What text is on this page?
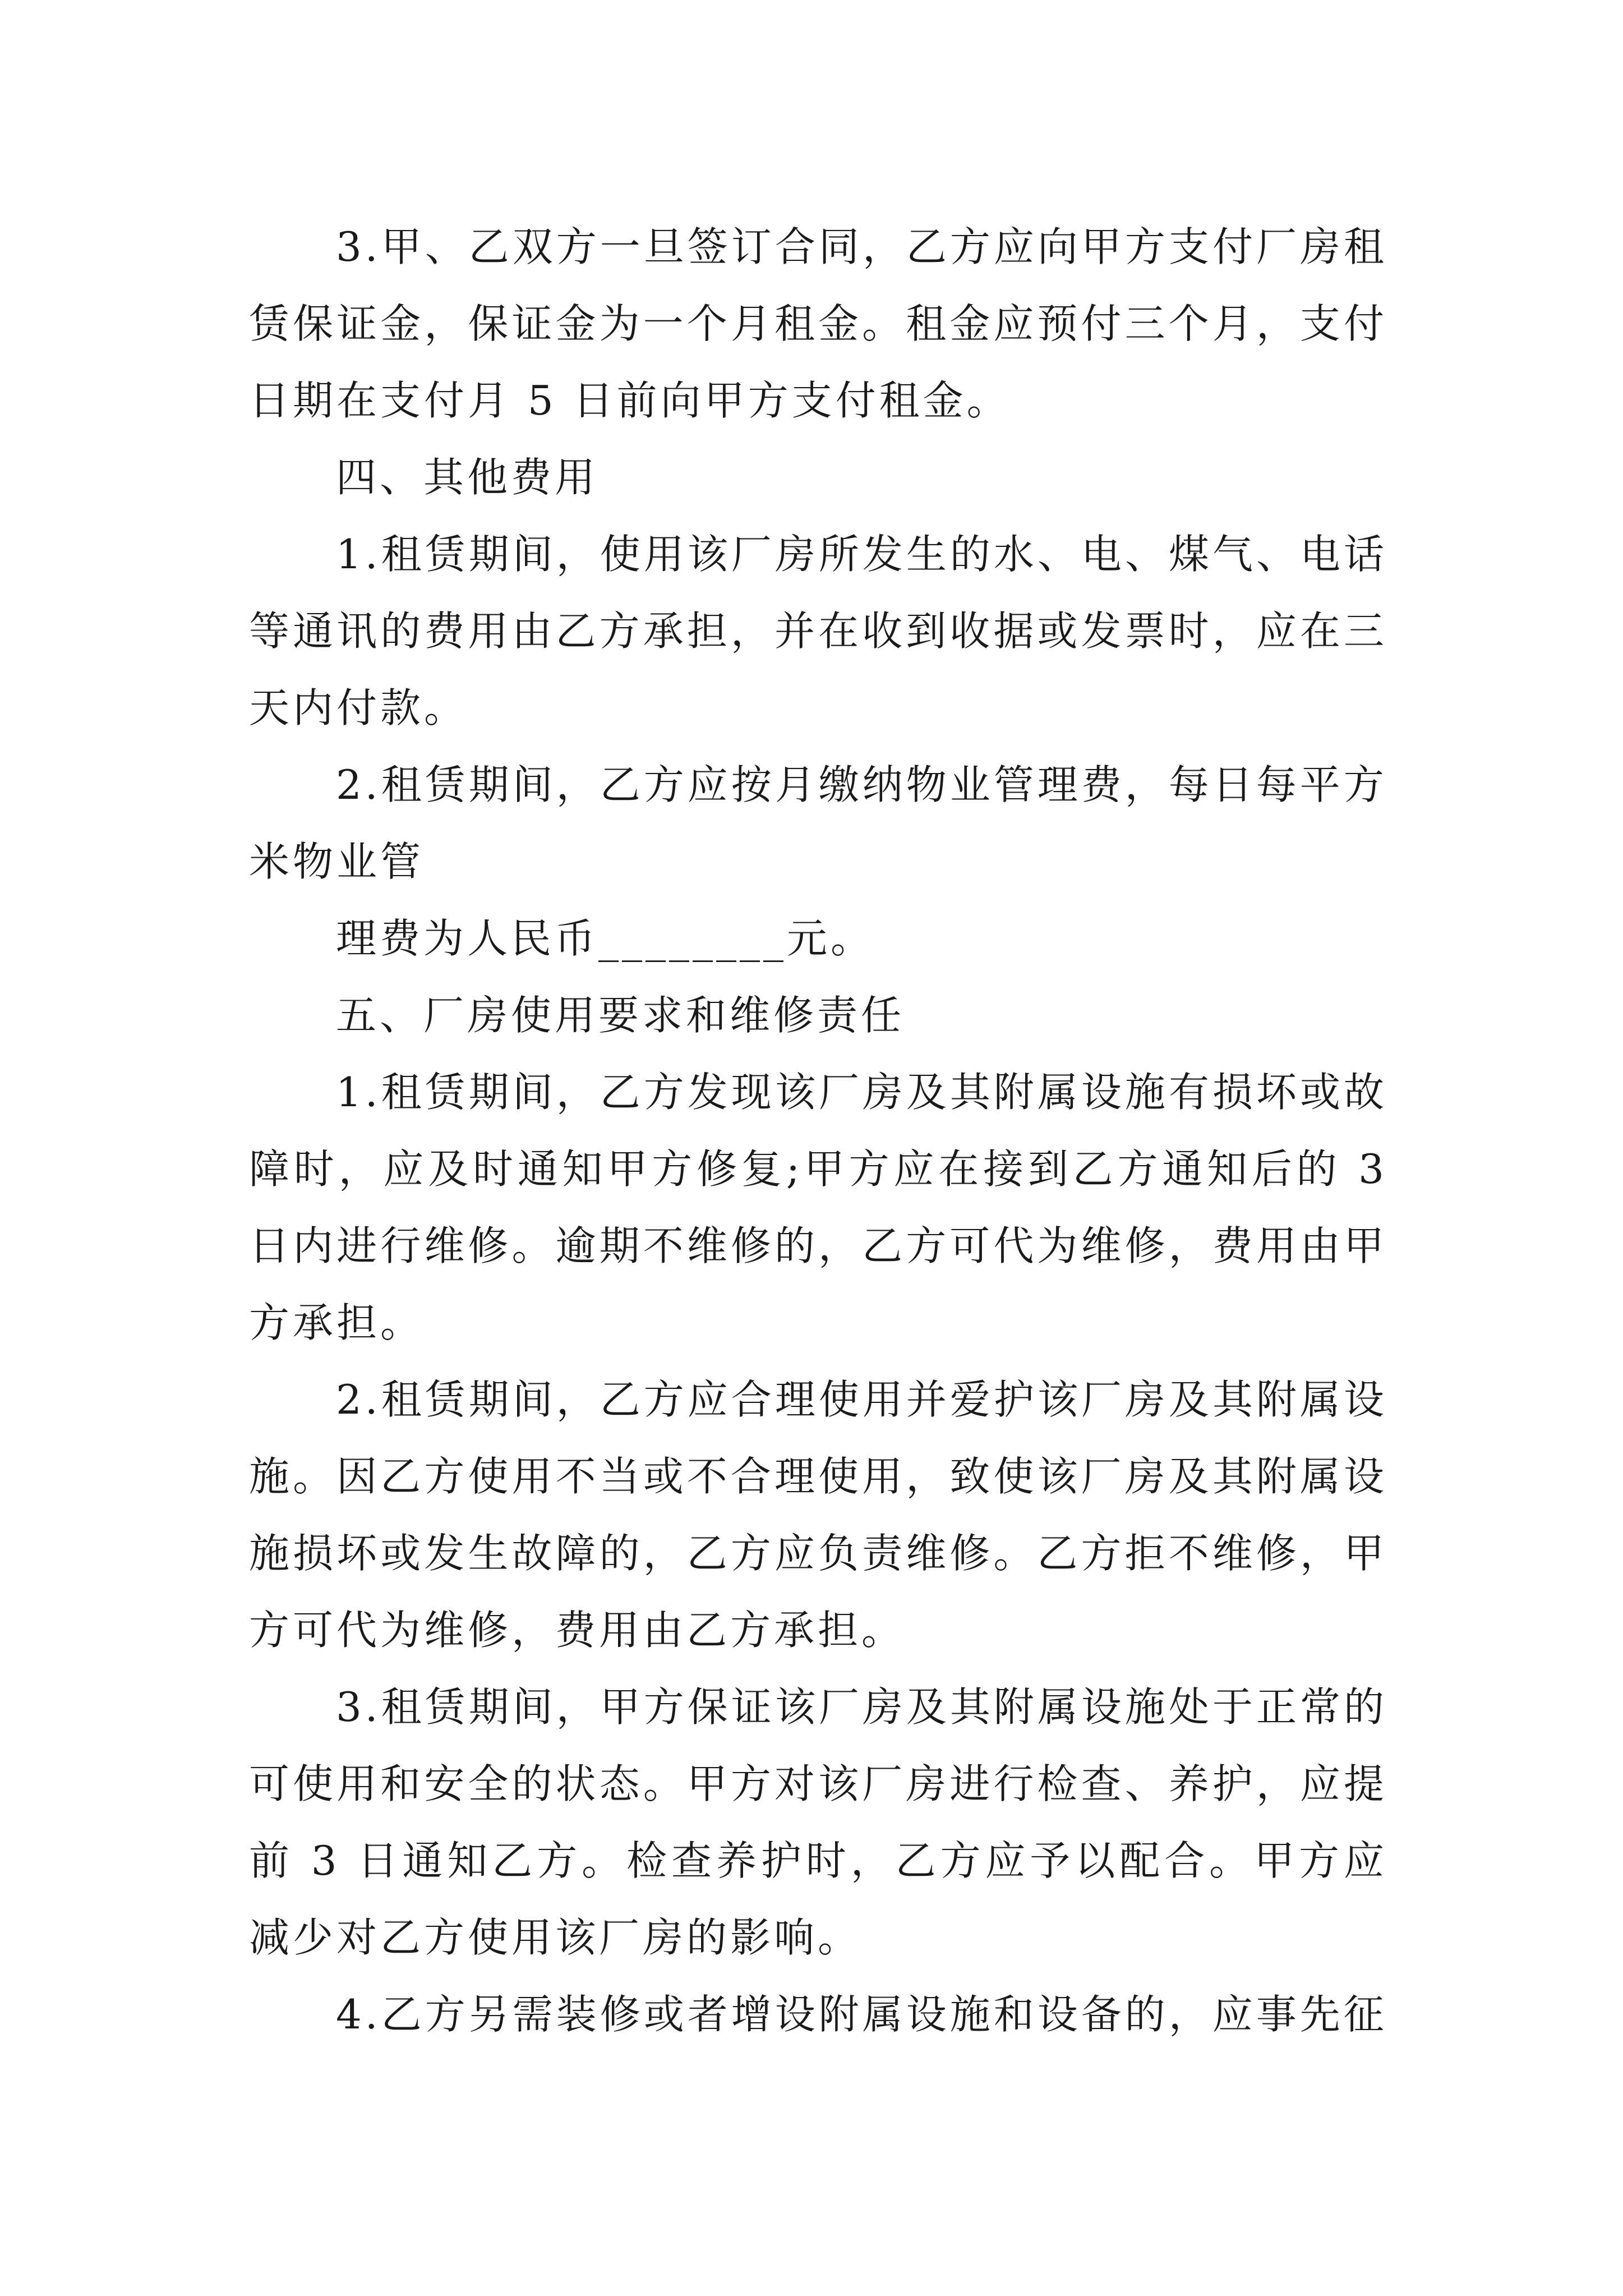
3.甲、乙双方一旦签订合同，乙方应向甲方支付厂房租赁保证金，保证金为一个月租金。租金应预付三个月，支付日期在支付月 5 日前向甲方支付租金。

四、其他费用

1.租赁期间，使用该厂房所发生的水、电、煤气、电话等通讯的费用由乙方承担，并在收到收据或发票时，应在三天内付款。

2.租赁期间，乙方应按月缴纳物业管理费，每日每平方米物业管

理费为人民币________元。

五、厂房使用要求和维修责任

1.租赁期间，乙方发现该厂房及其附属设施有损坏或故障时，应及时通知甲方修复;甲方应在接到乙方通知后的 3 日内进行维修。逾期不维修的，乙方可代为维修，费用由甲方承担。

2.租赁期间，乙方应合理使用并爱护该厂房及其附属设施。因乙方使用不当或不合理使用，致使该厂房及其附属设施损坏或发生故障的，乙方应负责维修。乙方拒不维修，甲方可代为维修，费用由乙方承担。

3.租赁期间，甲方保证该厂房及其附属设施处于正常的可使用和安全的状态。甲方对该厂房进行检查、养护，应提前 3 日通知乙方。检查养护时，乙方应予以配合。甲方应减少对乙方使用该厂房的影响。

4.乙方另需装修或者增设附属设施和设备的，应事先征
